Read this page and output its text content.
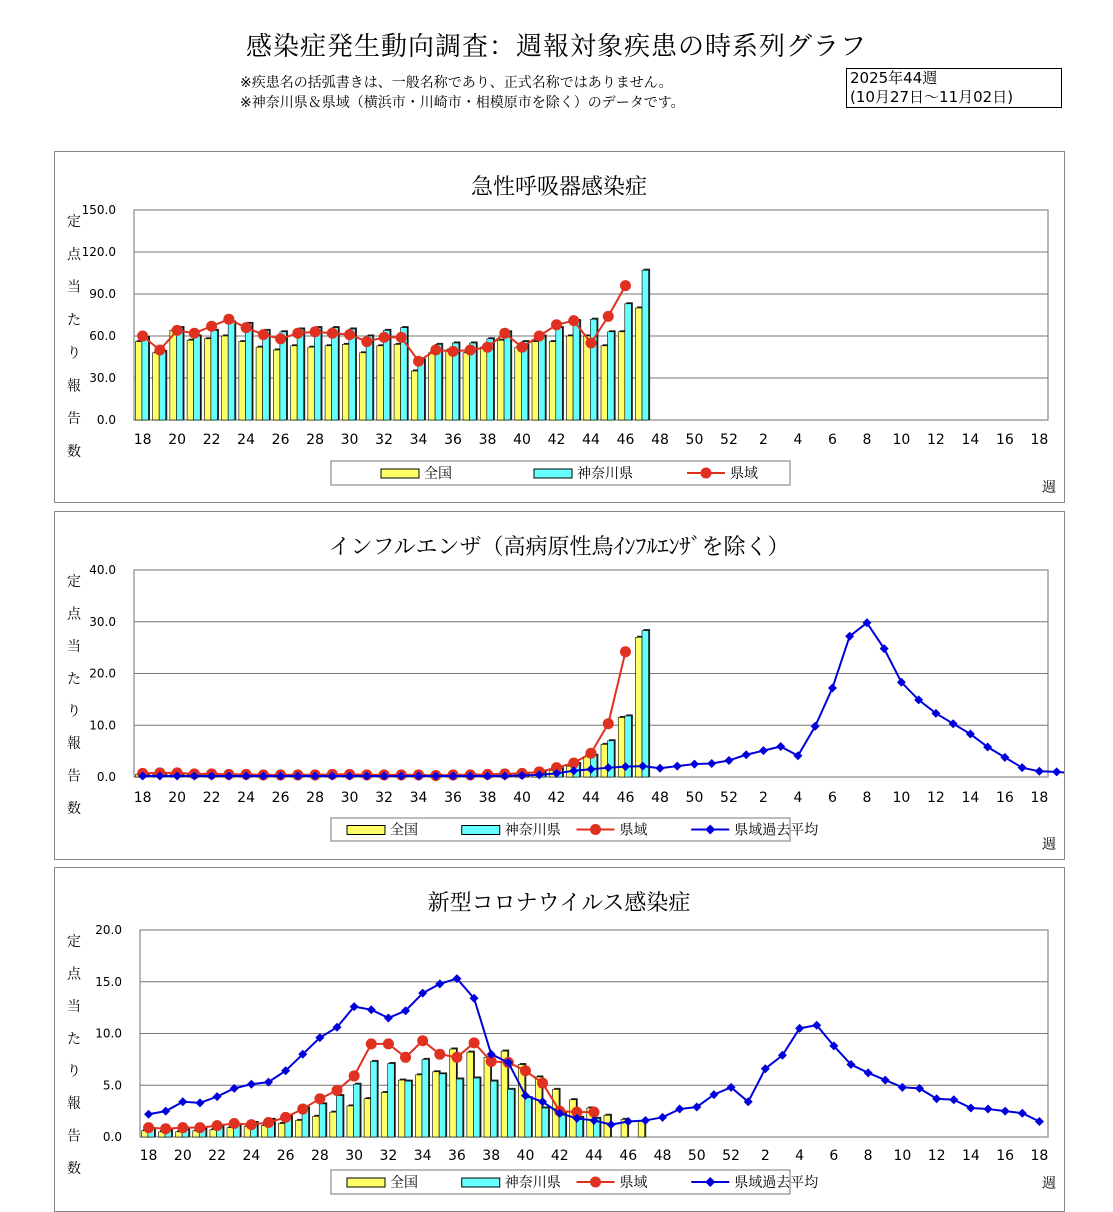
感染症発生動向調査：週報対象疾患の時系列グラフ
※疾患名の括弧書きは、一般名称であり、正式名称ではありません。
※神奈川県＆県域（横浜市・川崎市・相模原市を除く）のデータです。
2025年44週
(10月27日～11月02日)
急性呼吸器感染症
0.0
30.0
60.0
90.0
120.0
150.0
定
点
当
た
り
報
告
数
18 20 22 24 26 28 30 32 34 36 38 40 42 44 46 48 50 52 2 4 6 8 10 12 14 16 18
週
全国	神奈川県	県域
インフルエンザ（高病原性鳥ｲﾝﾌﾙｴﾝｻﾞを除く）
0.0
10.0
20.0
30.0
40.0
定
点
当
た
り
報
告
数
18 20 22 24 26 28 30 32 34 36 38 40 42 44 46 48 50 52 2 4 6 8 10 12 14 16 18
週
全国	神奈川県	県域	県域過去平均
新型コロナウイルス感染症
0.0
5.0
10.0
15.0
20.0
定
点
当
た
り
報
告
数
18 20 22 24 26 28 30 32 34 36 38 40 42 44 46 48 50 52 2 4 6 8 10 12 14 16 18
週
全国	神奈川県	県域	県域過去平均
